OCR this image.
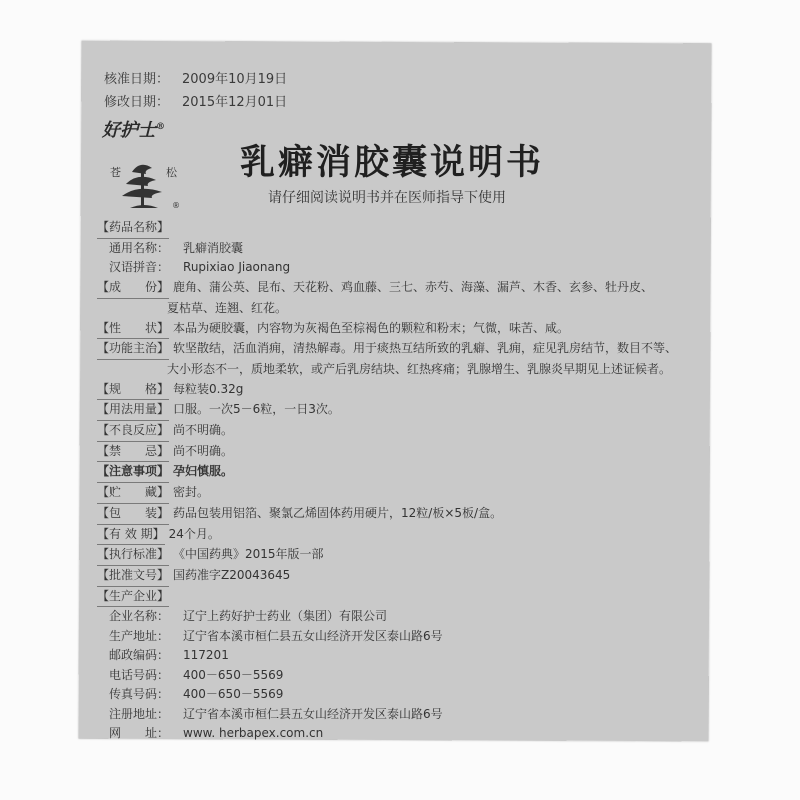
核准日期： 2009年10月19日
修改日期： 2015年12月01日
好护士®
苍	松
®
乳癖消胶囊说明书
请仔细阅读说明书并在医师指导下使用
【药品名称】
通用名称： 乳癖消胶囊
汉语拼音： Rupixiao Jiaonang
【成　　份】 鹿角、蒲公英、昆布、天花粉、鸡血藤、三七、赤芍、海藻、漏芦、木香、玄参、牡丹皮、
夏枯草、连翘、红花。
【性　　状】 本品为硬胶囊，内容物为灰褐色至棕褐色的颗粒和粉末；气微，味苦、咸。
【功能主治】 软坚散结，活血消痈，清热解毒。用于痰热互结所致的乳癖、乳痈，症见乳房结节，数目不等、
大小形态不一，质地柔软，或产后乳房结块、红热疼痛；乳腺增生、乳腺炎早期见上述证候者。
【规　　格】 每粒装0.32g
【用法用量】 口服。一次5－6粒，一日3次。
【不良反应】 尚不明确。
【禁　　忌】 尚不明确。
【注意事项】 孕妇慎服。
【贮　　藏】 密封。
【包　　装】 药品包装用铝箔、聚氯乙烯固体药用硬片，12粒/板×5板/盒。
【有 效 期】 24个月。
【执行标准】 《中国药典》2015年版一部
【批准文号】 国药准字Z20043645
【生产企业】
企业名称： 辽宁上药好护士药业（集团）有限公司
生产地址： 辽宁省本溪市桓仁县五女山经济开发区泰山路6号
邮政编码： 117201
电话号码： 400－650－5569
传真号码： 400－650－5569
注册地址： 辽宁省本溪市桓仁县五女山经济开发区泰山路6号
网　　址： www. herbapex.com.cn
